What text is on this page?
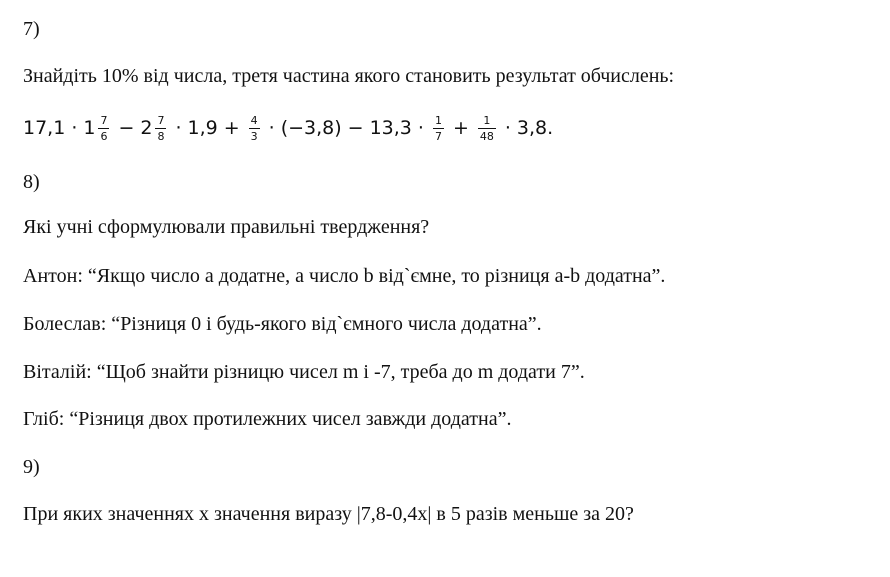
7)
Знайдіть 10% від числа, третя частина якого становить результат обчислень:
$17,1 \cdot 1 \frac{7}{6} - 2 \frac{7}{8} \cdot 1,9 + \frac{4}{3} \cdot (-3,8) - 13,3 \cdot \frac{1}{7} + \frac{1}{48} \cdot 3,8$.
8)
Які учні сформулювали правильні твердження?
Антон: “Якщо число a додатне, а число b від`ємне, то різниця a-b додатна”.
Болеслав: “Різниця 0 і будь-якого від`ємного числа додатна”.
Віталій: “Щоб знайти різницю чисел m і -7, треба до m додати 7”.
Гліб: “Різниця двох протилежних чисел завжди додатна”.
9)
При яких значеннях х значення виразу |7,8-0,4x| в 5 разів меньше за 20?
